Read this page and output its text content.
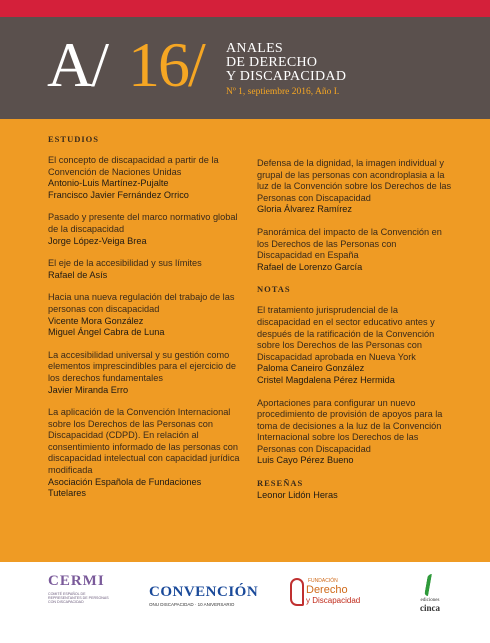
A/ 16/ ANALES
DE DERECHO
Y DISCAPACIDAD
Nº 1, septiembre 2016, Año I.
ESTUDIOS
El concepto de discapacidad a partir de la Convención de Naciones Unidas
Antonio-Luis Martínez-Pujalte
Francisco Javier Fernández Orrico
Pasado y presente del marco normativo global de la discapacidad
Jorge López-Veiga Brea
El eje de la accesibilidad y sus límites
Rafael de Asís
Hacia una nueva regulación del trabajo de las personas con discapacidad
Vicente Mora González
Miguel Ángel Cabra de Luna
La accesibilidad universal y su gestión como elementos imprescindibles para el ejercicio de los derechos fundamentales
Javier Miranda Erro
La aplicación de la Convención Internacional sobre los Derechos de las Personas con Discapacidad (CDPD). En relación al consentimiento informado de las personas con discapacidad intelectual con capacidad jurídica modificada
Asociación Española de Fundaciones Tutelares
Defensa de la dignidad, la imagen individual y grupal de las personas con acondroplasia a la luz de la Convención sobre los Derechos de las Personas con Discapacidad
Gloria Álvarez Ramírez
Panorámica del impacto de la Convención en los Derechos de las Personas con Discapacidad en España
Rafael de Lorenzo García
NOTAS
El tratamiento jurisprudencial de la discapacidad en el sector educativo antes y después de la ratificación de la Convención sobre los Derechos de las Personas con Discapacidad aprobada en Nueva York
Paloma Caneiro González
Cristel Magdalena Pérez Hermida
Aportaciones para configurar un nuevo procedimiento de provisión de apoyos para la toma de decisiones a la luz de la Convención Internacional sobre los Derechos de las Personas con Discapacidad
Luis Cayo Pérez Bueno
RESEÑAS
Leonor Lidón Heras
CERMI
COMITÉ ESPAÑOL DE REPRESENTANTES DE PERSONAS CON DISCAPACIDAD
CONVENCIÓN
ONU DISCAPACIDAD · 10 ANIVERSARIO
FUNDACIÓN
Derecho
y Discapacidad	ediciones
cinca
